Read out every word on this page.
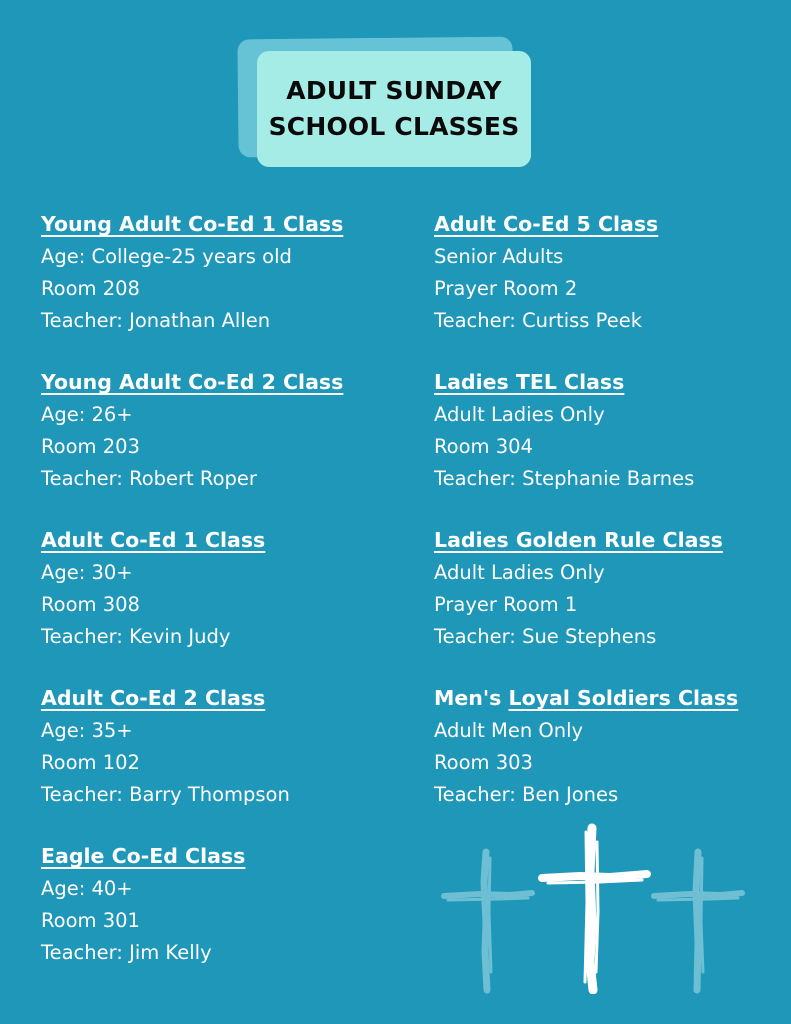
ADULT SUNDAY
SCHOOL CLASSES
Young Adult Co-Ed 1 Class
Age: College-25 years old
Room 208
Teacher: Jonathan Allen
Young Adult Co-Ed 2 Class
Age: 26+
Room 203
Teacher: Robert Roper
Adult Co-Ed 1 Class
Age: 30+
Room 308
Teacher: Kevin Judy
Adult Co-Ed 2 Class
Age: 35+
Room 102
Teacher: Barry Thompson
Eagle Co-Ed Class
Age: 40+
Room 301
Teacher: Jim Kelly
Adult Co-Ed 5 Class
Senior Adults
Prayer Room 2
Teacher: Curtiss Peek
Ladies TEL Class
Adult Ladies Only
Room 304
Teacher: Stephanie Barnes
Ladies Golden Rule Class
Adult Ladies Only
Prayer Room 1
Teacher: Sue Stephens
Men's Loyal Soldiers Class
Adult Men Only
Room 303
Teacher: Ben Jones
